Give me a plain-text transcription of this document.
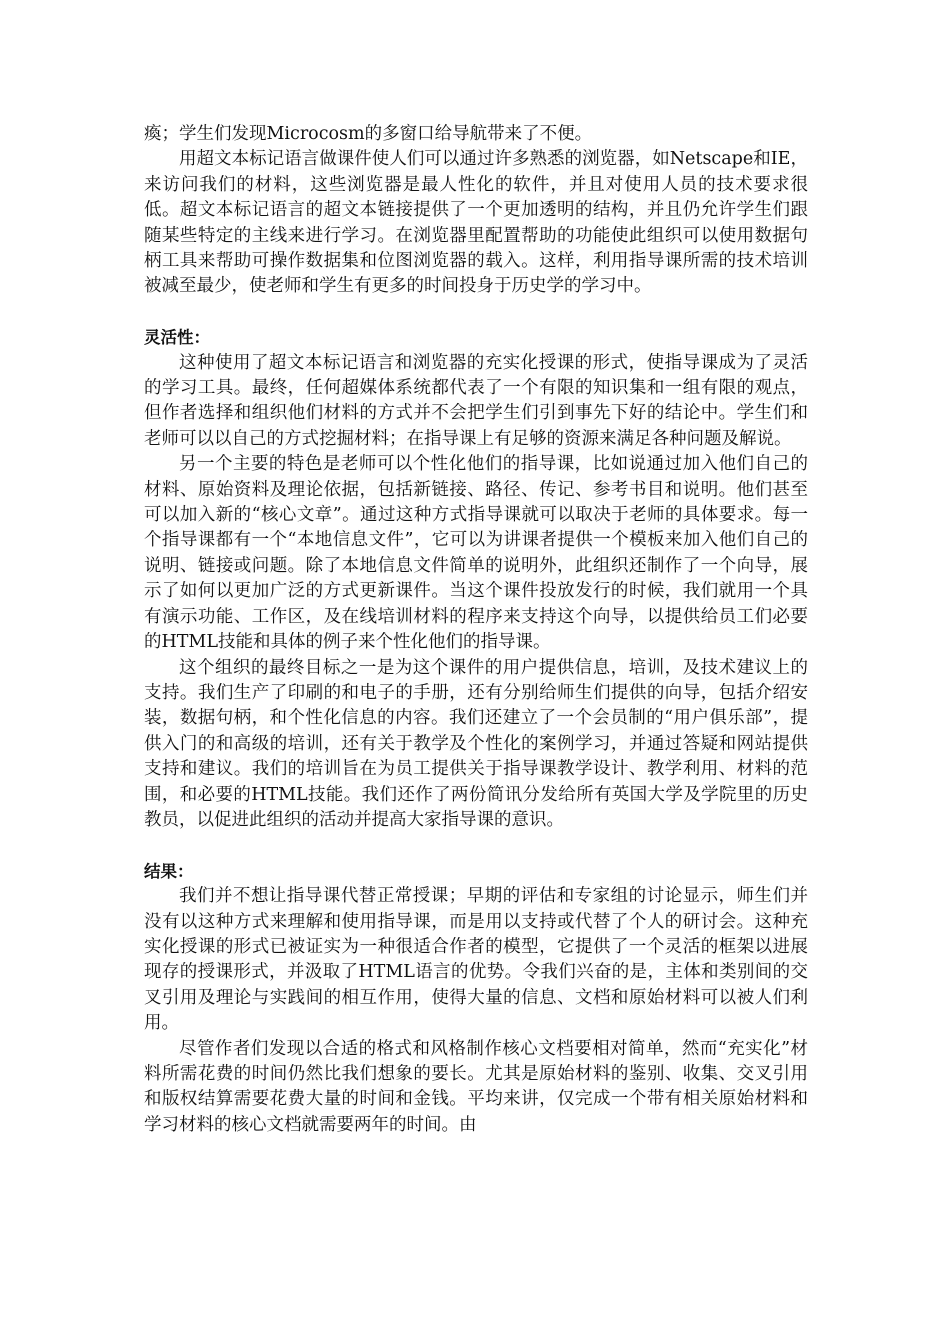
瘓；学生们发现Microcosm的多窗口给导航带来了不便。

用超文本标记语言做课件使人们可以通过许多熟悉的浏览器，如Netscape和IE，来访问我们的材料，这些浏览器是最人性化的软件，并且对使用人员的技术要求很低。超文本标记语言的超文本链接提供了一个更加透明的结构，并且仍允许学生们跟随某些特定的主线来进行学习。在浏览器里配置帮助的功能使此组织可以使用数据句柄工具来帮助可操作数据集和位图浏览器的载入。这样，利用指导课所需的技术培训被减至最少，使老师和学生有更多的时间投身于历史学的学习中。

灵活性：

这种使用了超文本标记语言和浏览器的充实化授课的形式，使指导课成为了灵活的学习工具。最终，任何超媒体系统都代表了一个有限的知识集和一组有限的观点，但作者选择和组织他们材料的方式并不会把学生们引到事先下好的结论中。学生们和老师可以以自己的方式挖掘材料；在指导课上有足够的资源来满足各种问题及解说。

另一个主要的特色是老师可以个性化他们的指导课，比如说通过加入他们自己的材料、原始资料及理论依据，包括新链接、路径、传记、参考书目和说明。他们甚至可以加入新的“核心文章”。通过这种方式指导课就可以取决于老师的具体要求。每一个指导课都有一个“本地信息文件”，它可以为讲课者提供一个模板来加入他们自己的说明、链接或问题。除了本地信息文件简单的说明外，此组织还制作了一个向导，展示了如何以更加广泛的方式更新课件。当这个课件投放发行的时候，我们就用一个具有演示功能、工作区，及在线培训材料的程序来支持这个向导，以提供给员工们必要的HTML技能和具体的例子来个性化他们的指导课。

这个组织的最终目标之一是为这个课件的用户提供信息，培训，及技术建议上的支持。我们生产了印刷的和电子的手册，还有分别给师生们提供的向导，包括介绍安装，数据句柄，和个性化信息的内容。我们还建立了一个会员制的“用户俱乐部”，提供入门的和高级的培训，还有关于教学及个性化的案例学习，并通过答疑和网站提供支持和建议。我们的培训旨在为员工提供关于指导课教学设计、教学利用、材料的范围，和必要的HTML技能。我们还作了两份简讯分发给所有英国大学及学院里的历史教员，以促进此组织的活动并提高大家指导课的意识。

结果：

我们并不想让指导课代替正常授课；早期的评估和专家组的讨论显示，师生们并没有以这种方式来理解和使用指导课，而是用以支持或代替了个人的研讨会。这种充实化授课的形式已被证实为一种很适合作者的模型，它提供了一个灵活的框架以进展现存的授课形式，并汲取了HTML语言的优势。令我们兴奋的是，主体和类别间的交叉引用及理论与实践间的相互作用，使得大量的信息、文档和原始材料可以被人们利用。

尽管作者们发现以合适的格式和风格制作核心文档要相对简单，然而“充实化”材料所需花费的时间仍然比我们想象的要长。尤其是原始材料的鉴别、收集、交叉引用和版权结算需要花费大量的时间和金钱。平均来讲，仅完成一个带有相关原始材料和学习材料的核心文档就需要两年的时间。由
